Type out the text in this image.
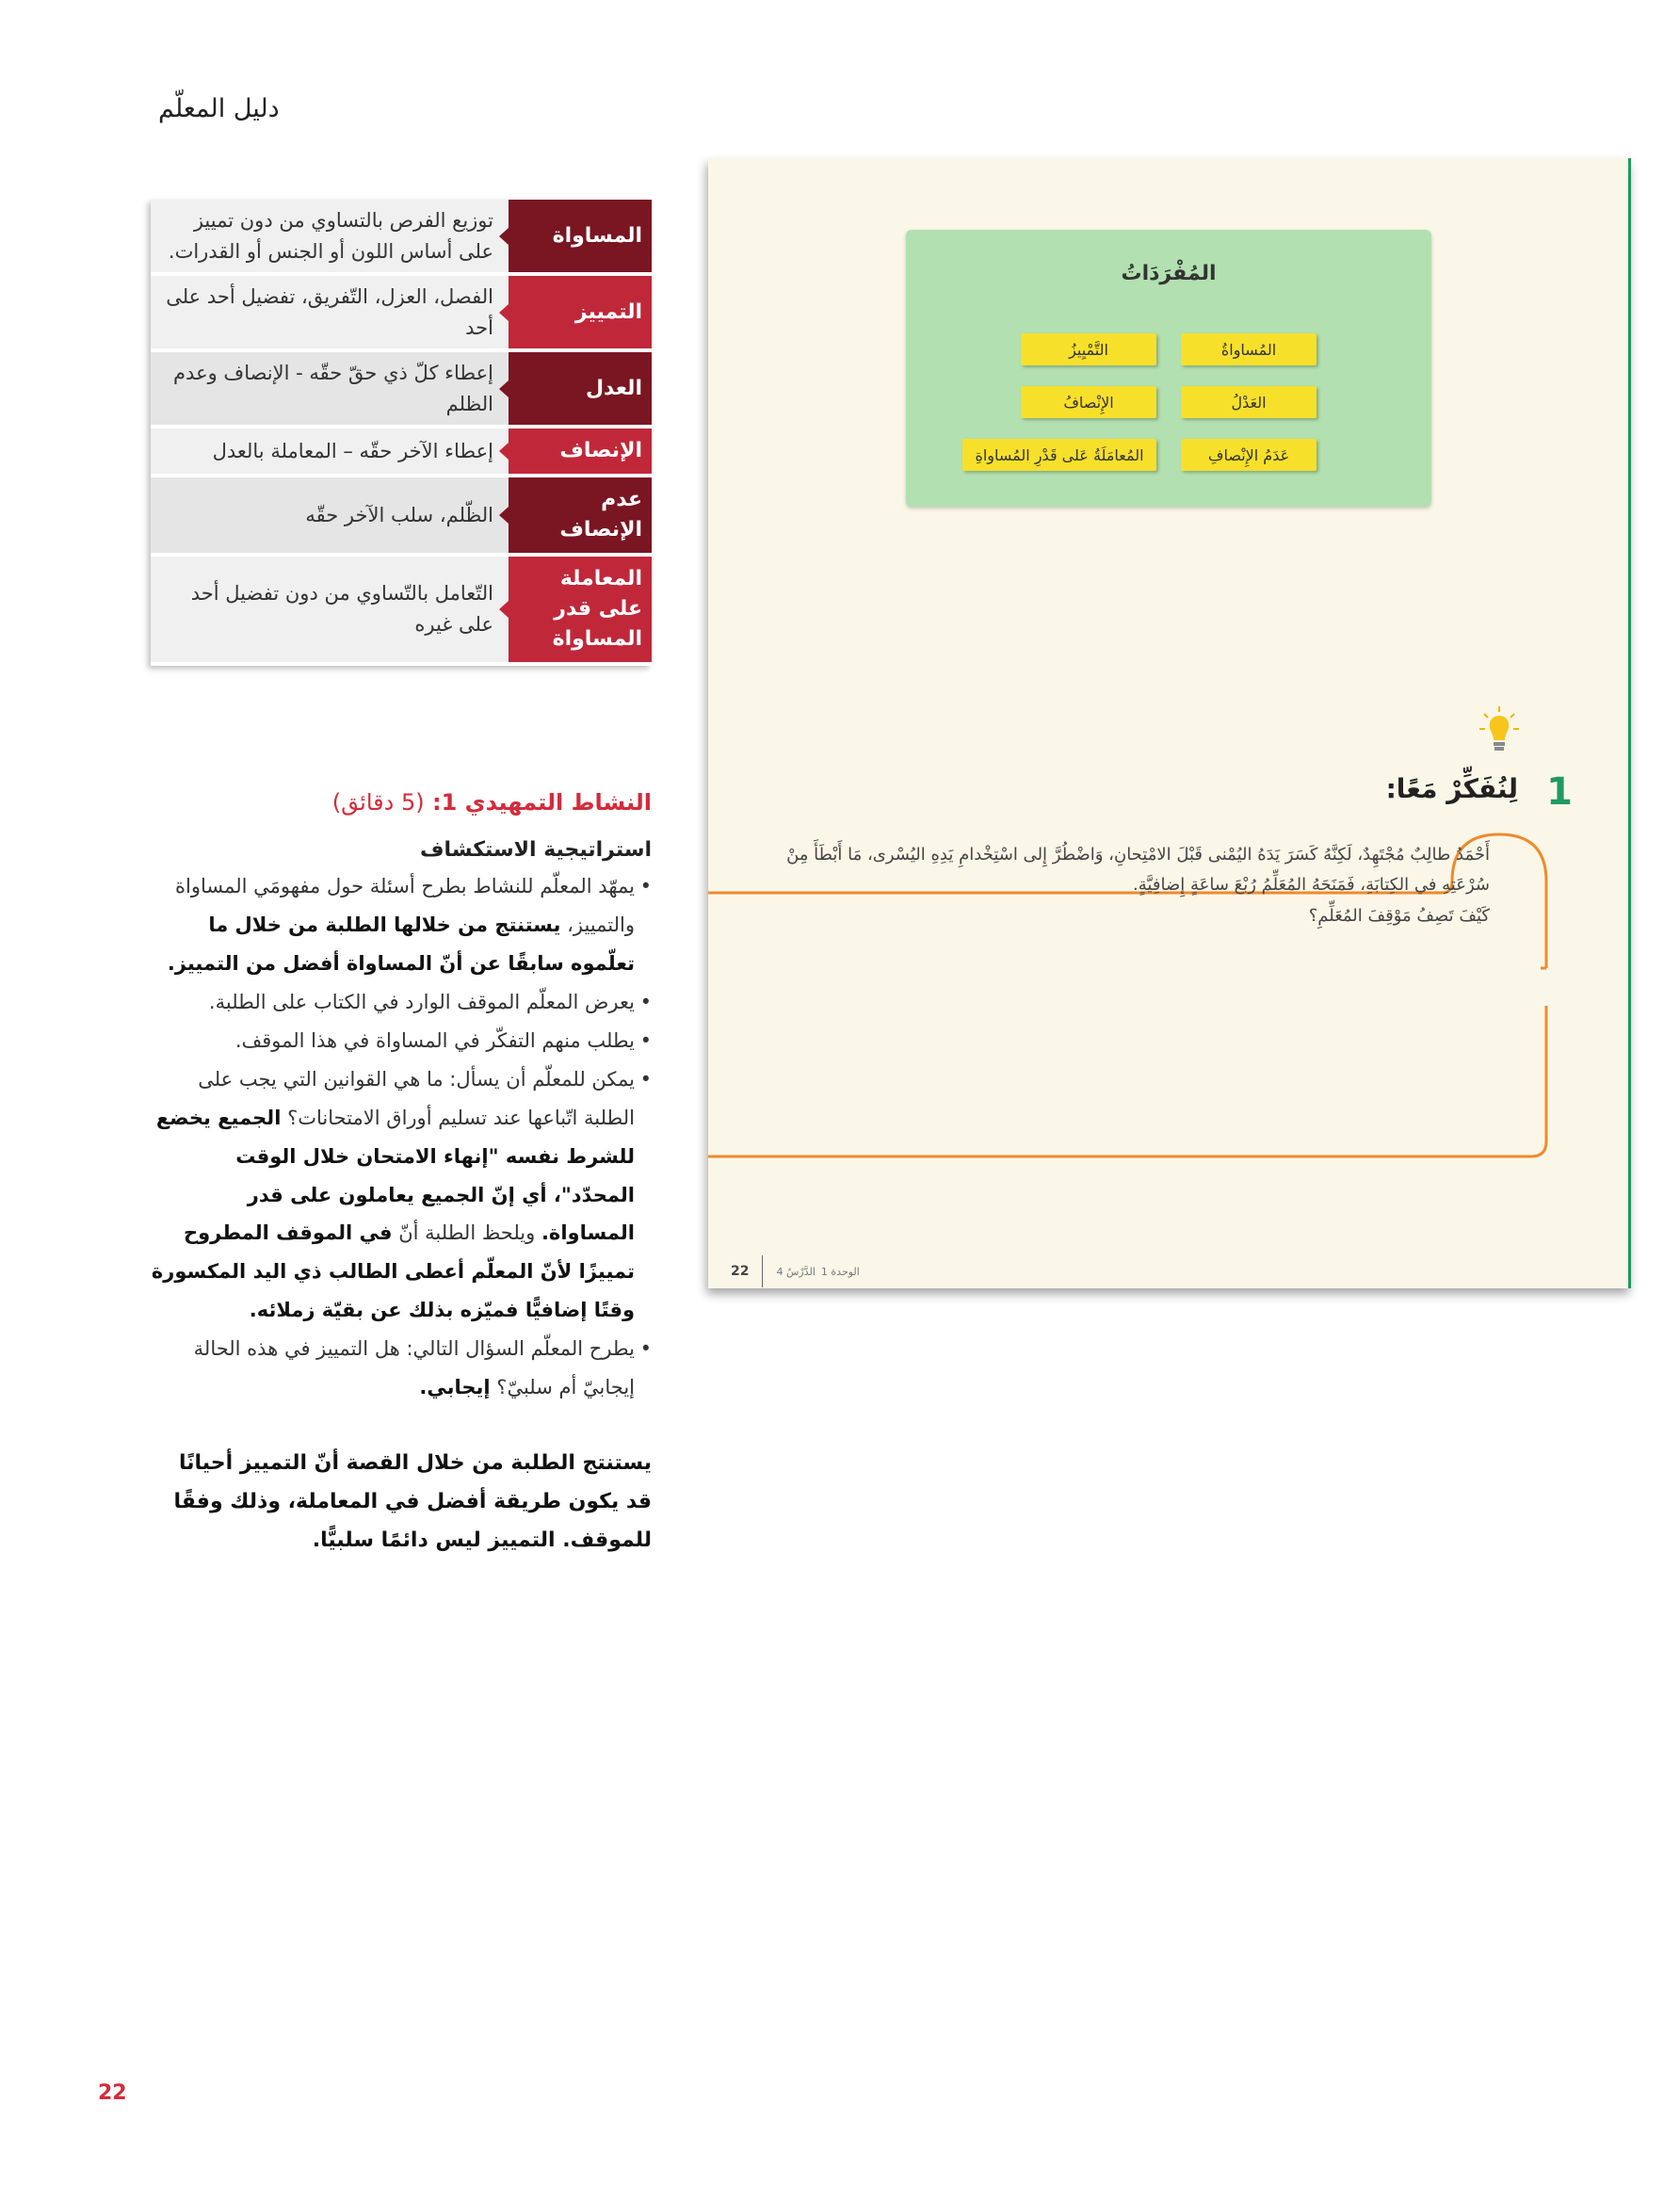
دليل المعلّم
المساواة
توزيع الفرص بالتساوي من دون تمييز على أساس اللون أو الجنس أو القدرات.
التمييز
الفصل، العزل، التّفريق، تفضيل أحد على أحد
العدل
إعطاء كلّ ذي حقّ حقّه - الإنصاف وعدم الظلم
الإنصاف
إعطاء الآخر حقّه – المعاملة بالعدل
عدم الإنصاف
الظّلم، سلب الآخر حقّه
المعاملة على قدر المساواة
التّعامل بالتّساوي من دون تفضيل أحد على غيره
النشاط التمهيدي 1: (5 دقائق)
استراتيجية الاستكشاف
• يمهّد المعلّم للنشاط بطرح أسئلة حول مفهومَي المساواة والتمييز، يستنتج من خلالها الطلبة من خلال ما تعلّموه سابقًا عن أنّ المساواة أفضل من التمييز.
• يعرض المعلّم الموقف الوارد في الكتاب على الطلبة.
• يطلب منهم التفكّر في المساواة في هذا الموقف.
• يمكن للمعلّم أن يسأل: ما هي القوانين التي يجب على الطلبة اتّباعها عند تسليم أوراق الامتحانات؟ الجميع يخضع للشرط نفسه "إنهاء الامتحان خلال الوقت المحدّد"، أي إنّ الجميع يعاملون على قدر المساواة. ويلحظ الطلبة أنّ في الموقف المطروح تمييزًا لأنّ المعلّم أعطى الطالب ذي اليد المكسورة وقتًا إضافيًّا فميّزه بذلك عن بقيّة زملائه.
• يطرح المعلّم السؤال التالي: هل التمييز في هذه الحالة إيجابيّ أم سلبيّ؟ إيجابي.
يستنتج الطلبة من خلال القصة أنّ التمييز أحيانًا قد يكون طريقة أفضل في المعاملة، وذلك وفقًا للموقف. التمييز ليس دائمًا سلبيًّا.
المُفْرَدَاتُ
المُساواةُ
التَّمْيِيزُ
العَدْلُ
الإِنْصافُ
عَدَمُ الإِنْصافِ
المُعامَلَةُ عَلى قَدْرِ المُساواةِ
1
لِنُفَكِّرْ مَعًا:
أَحْمَدُ طالِبٌ مُجْتَهِدٌ، لَكِنَّهُ كَسَرَ يَدَهُ اليُمْنى قَبْلَ الامْتِحانِ، وَاضْطُرَّ إِلى اسْتِخْدامِ يَدِهِ اليُسْرى، مَا أَبْطَأَ مِنْ سُرْعَتِهِ في الكِتابَةِ، فَمَنَحَهُ المُعَلِّمُ رُبْعَ ساعَةٍ إِضافِيَّةٍ.
كَيْفَ تَصِفُ مَوْقِفَ المُعَلِّمِ؟
الوحدة 1
الدَّرْسُ 4
22
22
